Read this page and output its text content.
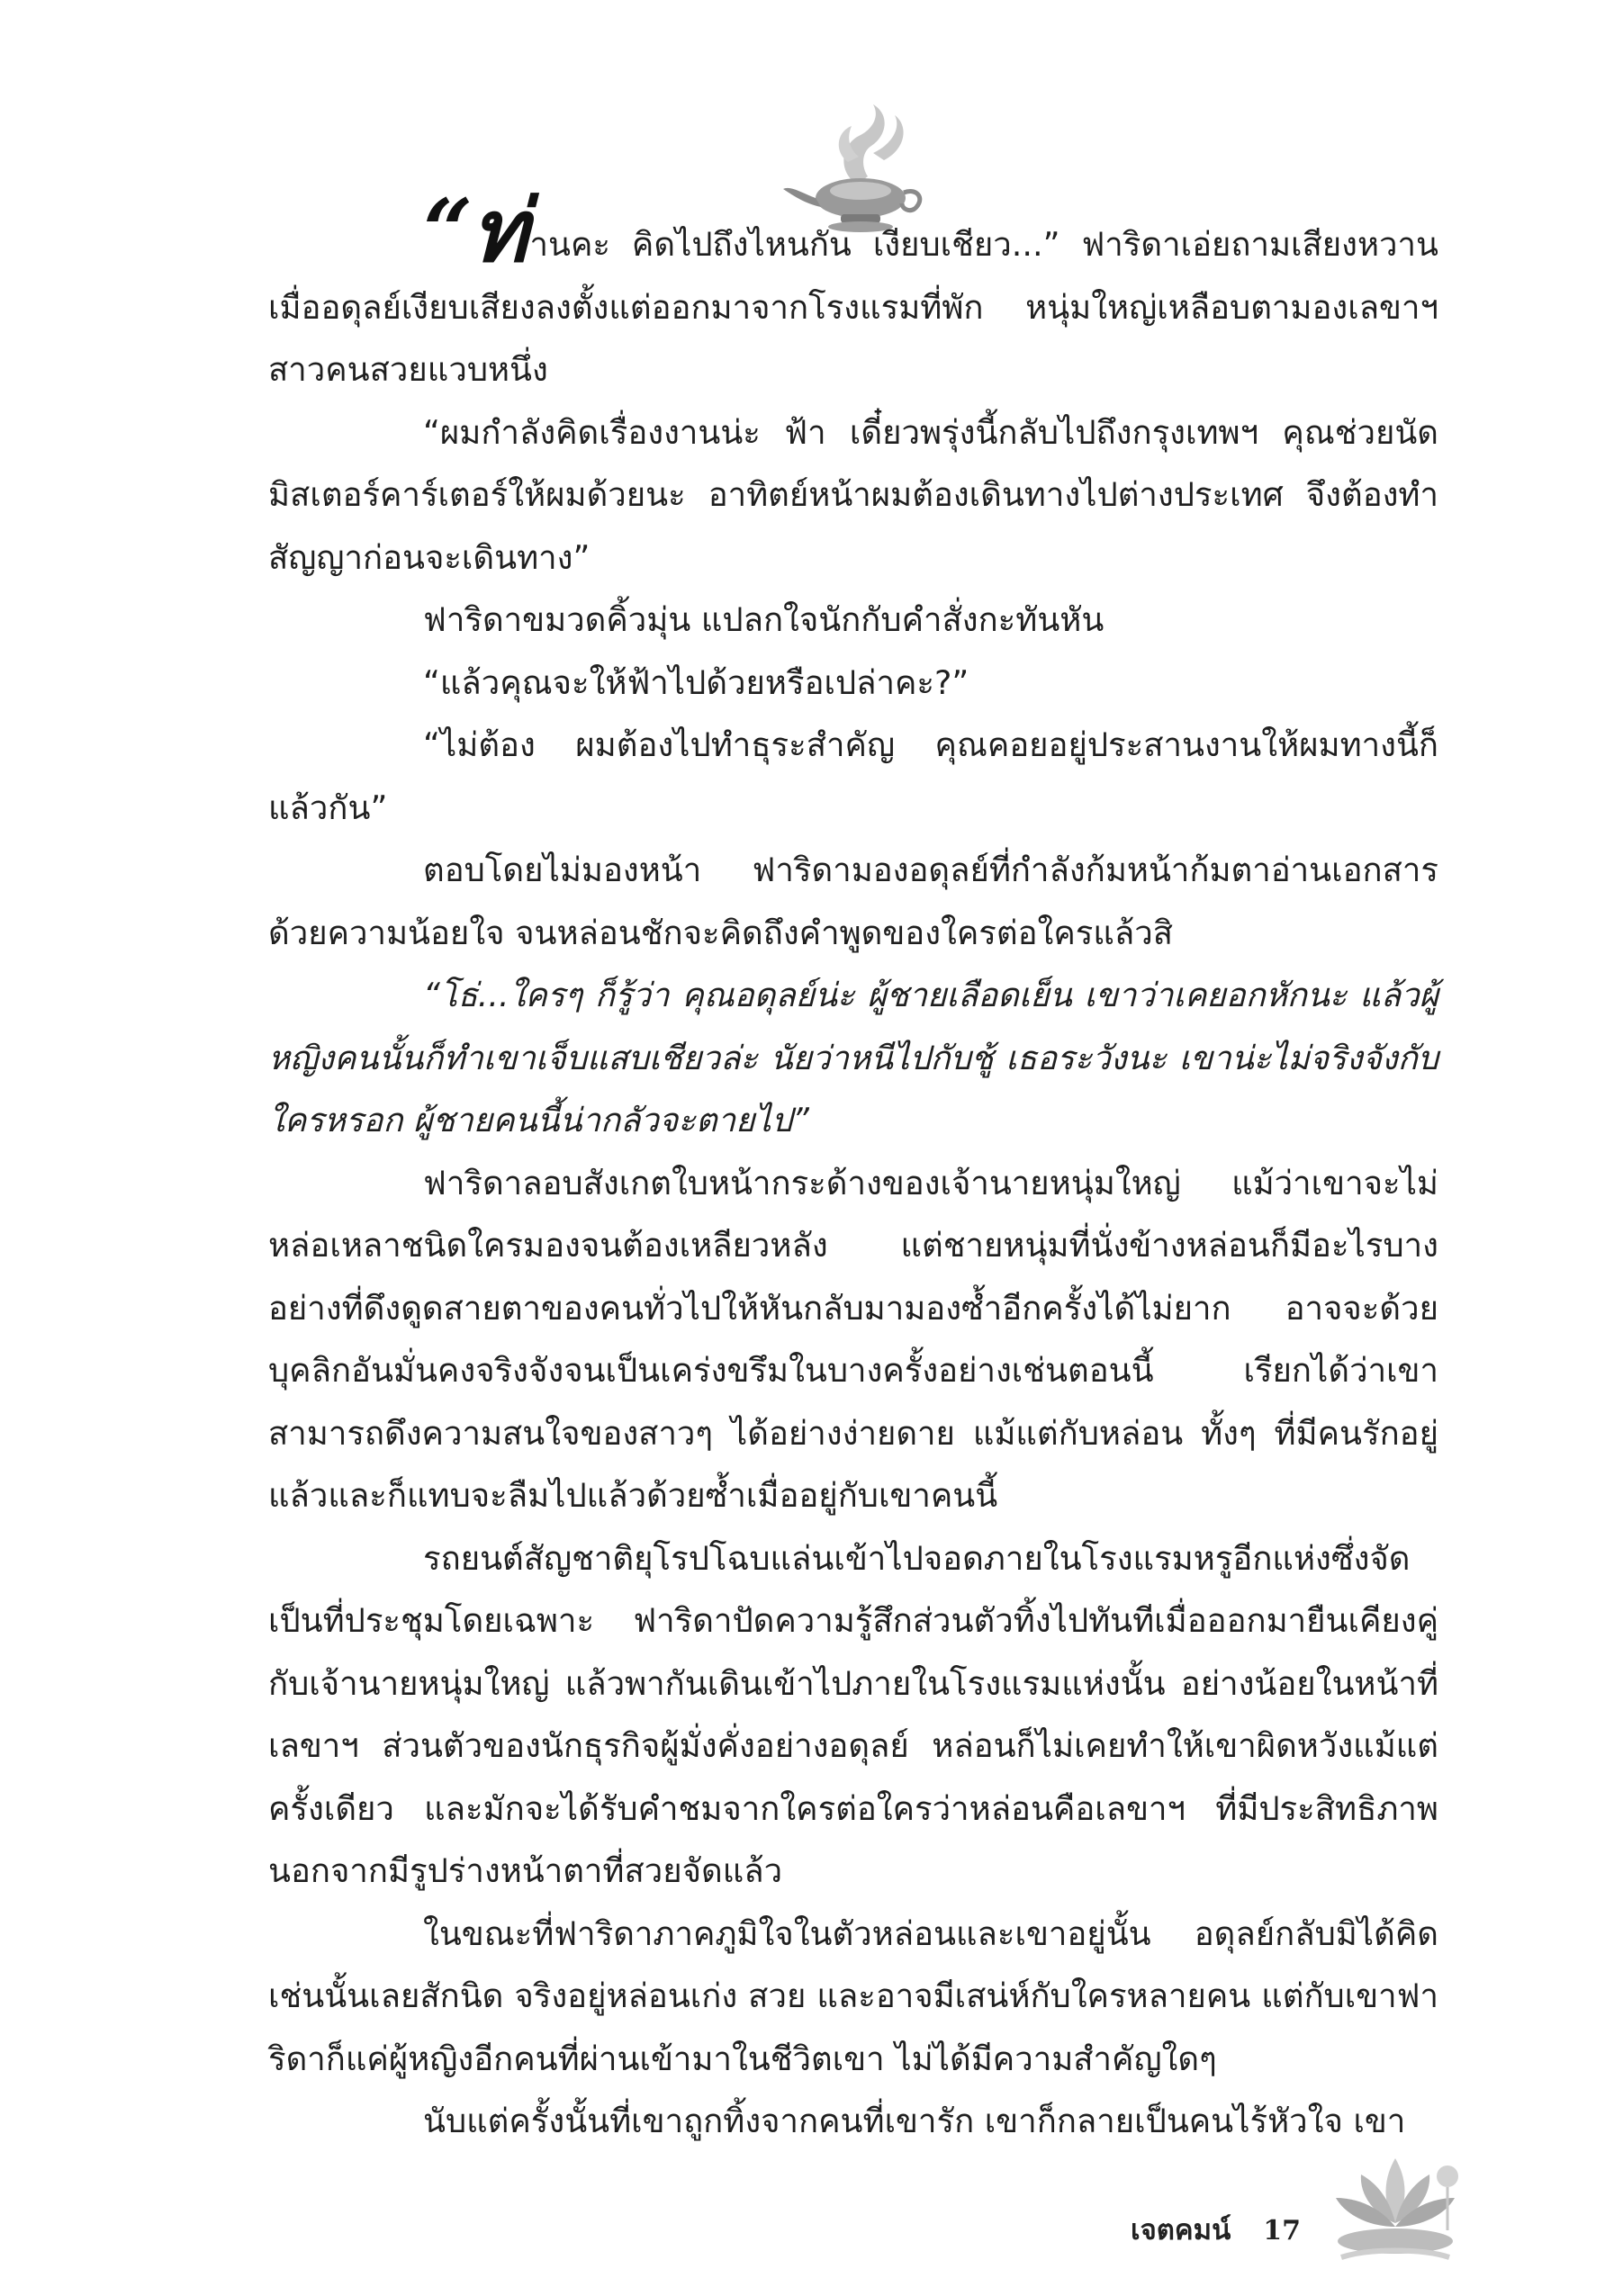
“ท่านคะ คิดไปถึงไหนกัน เงียบเชียว...” ฟาริดาเอ่ยถามเสียงหวานเมื่ออดุลย์เงียบเสียงลงตั้งแต่ออกมาจากโรงแรมที่พัก หนุ่มใหญ่เหลือบตามองเลขาฯ สาวคนสวยแวบหนึ่ง

“ผมกำลังคิดเรื่องงานน่ะ ฟ้า เดี๋ยวพรุ่งนี้กลับไปถึงกรุงเทพฯ คุณช่วยนัดมิสเตอร์คาร์เตอร์ให้ผมด้วยนะ อาทิตย์หน้าผมต้องเดินทางไปต่างประเทศ จึงต้องทำสัญญาก่อนจะเดินทาง”

ฟาริดาขมวดคิ้วมุ่น แปลกใจนักกับคำสั่งกะทันหัน

“แล้วคุณจะให้ฟ้าไปด้วยหรือเปล่าคะ?”

“ไม่ต้อง ผมต้องไปทำธุระสำคัญ คุณคอยอยู่ประสานงานให้ผมทางนี้ก็แล้วกัน”

ตอบโดยไม่มองหน้า ฟาริดามองอดุลย์ที่กำลังก้มหน้าก้มตาอ่านเอกสารด้วยความน้อยใจ จนหล่อนชักจะคิดถึงคำพูดของใครต่อใครแล้วสิ

“โธ่...ใครๆ ก็รู้ว่า คุณอดุลย์น่ะ ผู้ชายเลือดเย็น เขาว่าเคยอกหักนะ แล้วผู้หญิงคนนั้นก็ทำเขาเจ็บแสบเชียวล่ะ นัยว่าหนีไปกับชู้ เธอระวังนะ เขาน่ะไม่จริงจังกับใครหรอก ผู้ชายคนนี้น่ากลัวจะตายไป”

ฟาริดาลอบสังเกตใบหน้ากระด้างของเจ้านายหนุ่มใหญ่ แม้ว่าเขาจะไม่หล่อเหลาชนิดใครมองจนต้องเหลียวหลัง แต่ชายหนุ่มที่นั่งข้างหล่อนก็มีอะไรบางอย่างที่ดึงดูดสายตาของคนทั่วไปให้หันกลับมามองซ้ำอีกครั้งได้ไม่ยาก อาจจะด้วยบุคลิกอันมั่นคงจริงจังจนเป็นเคร่งขรึมในบางครั้งอย่างเช่นตอนนี้ เรียกได้ว่าเขาสามารถดึงความสนใจของสาวๆ ได้อย่างง่ายดาย แม้แต่กับหล่อน ทั้งๆ ที่มีคนรักอยู่แล้วและก็แทบจะลืมไปแล้วด้วยซ้ำเมื่ออยู่กับเขาคนนี้

รถยนต์สัญชาติยุโรปโฉบแล่นเข้าไปจอดภายในโรงแรมหรูอีกแห่งซึ่งจัดเป็นที่ประชุมโดยเฉพาะ ฟาริดาปัดความรู้สึกส่วนตัวทิ้งไปทันทีเมื่อออกมายืนเคียงคู่กับเจ้านายหนุ่มใหญ่ แล้วพากันเดินเข้าไปภายในโรงแรมแห่งนั้น อย่างน้อยในหน้าที่เลขาฯ ส่วนตัวของนักธุรกิจผู้มั่งคั่งอย่างอดุลย์ หล่อนก็ไม่เคยทำให้เขาผิดหวังแม้แต่ครั้งเดียว และมักจะได้รับคำชมจากใครต่อใครว่าหล่อนคือเลขาฯ ที่มีประสิทธิภาพนอกจากมีรูปร่างหน้าตาที่สวยจัดแล้ว

ในขณะที่ฟาริดาภาคภูมิใจในตัวหล่อนและเขาอยู่นั้น อดุลย์กลับมิได้คิดเช่นนั้นเลยสักนิด จริงอยู่หล่อนเก่ง สวย และอาจมีเสน่ห์กับใครหลายคน แต่กับเขาฟาริดาก็แค่ผู้หญิงอีกคนที่ผ่านเข้ามาในชีวิตเขา ไม่ได้มีความสำคัญใดๆ

นับแต่ครั้งนั้นที่เขาถูกทิ้งจากคนที่เขารัก เขาก็กลายเป็นคนไร้หัวใจ เขา

เจตคมน์ 17
